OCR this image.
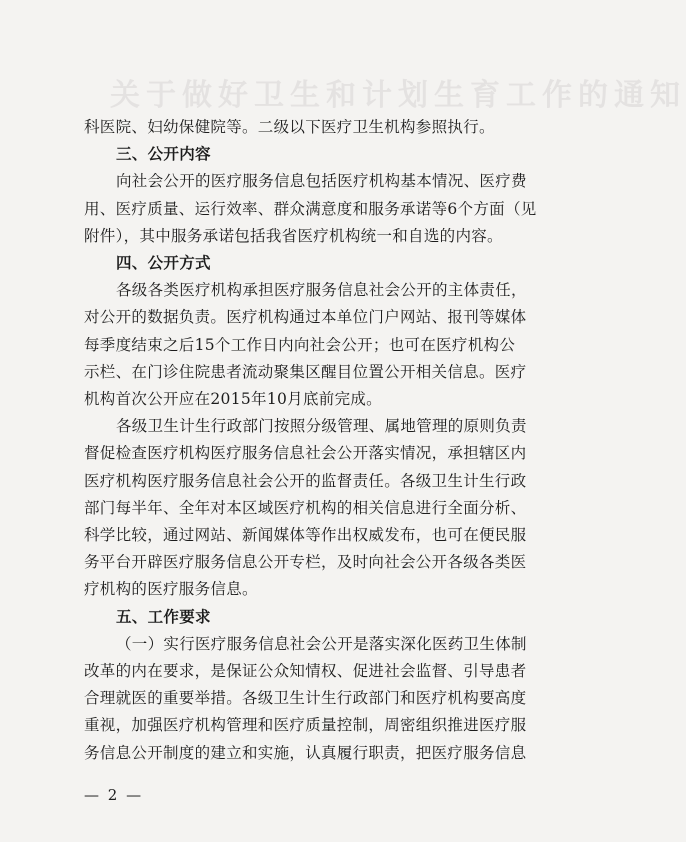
关于做好卫生和计划生育工作的通知
科医院、妇幼保健院等。二级以下医疗卫生机构参照执行。
三、公开内容
向社会公开的医疗服务信息包括医疗机构基本情况、医疗费
用、医疗质量、运行效率、群众满意度和服务承诺等6个方面（见
附件），其中服务承诺包括我省医疗机构统一和自选的内容。
四、公开方式
各级各类医疗机构承担医疗服务信息社会公开的主体责任，
对公开的数据负责。医疗机构通过本单位门户网站、报刊等媒体
每季度结束之后15个工作日内向社会公开；也可在医疗机构公
示栏、在门诊住院患者流动聚集区醒目位置公开相关信息。医疗
机构首次公开应在2015年10月底前完成。
各级卫生计生行政部门按照分级管理、属地管理的原则负责
督促检查医疗机构医疗服务信息社会公开落实情况，承担辖区内
医疗机构医疗服务信息社会公开的监督责任。各级卫生计生行政
部门每半年、全年对本区域医疗机构的相关信息进行全面分析、
科学比较，通过网站、新闻媒体等作出权威发布，也可在便民服
务平台开辟医疗服务信息公开专栏，及时向社会公开各级各类医
疗机构的医疗服务信息。
五、工作要求
（一）实行医疗服务信息社会公开是落实深化医药卫生体制
改革的内在要求，是保证公众知情权、促进社会监督、引导患者
合理就医的重要举措。各级卫生计生行政部门和医疗机构要高度
重视，加强医疗机构管理和医疗质量控制，周密组织推进医疗服
务信息公开制度的建立和实施，认真履行职责，把医疗服务信息
— 2 —
